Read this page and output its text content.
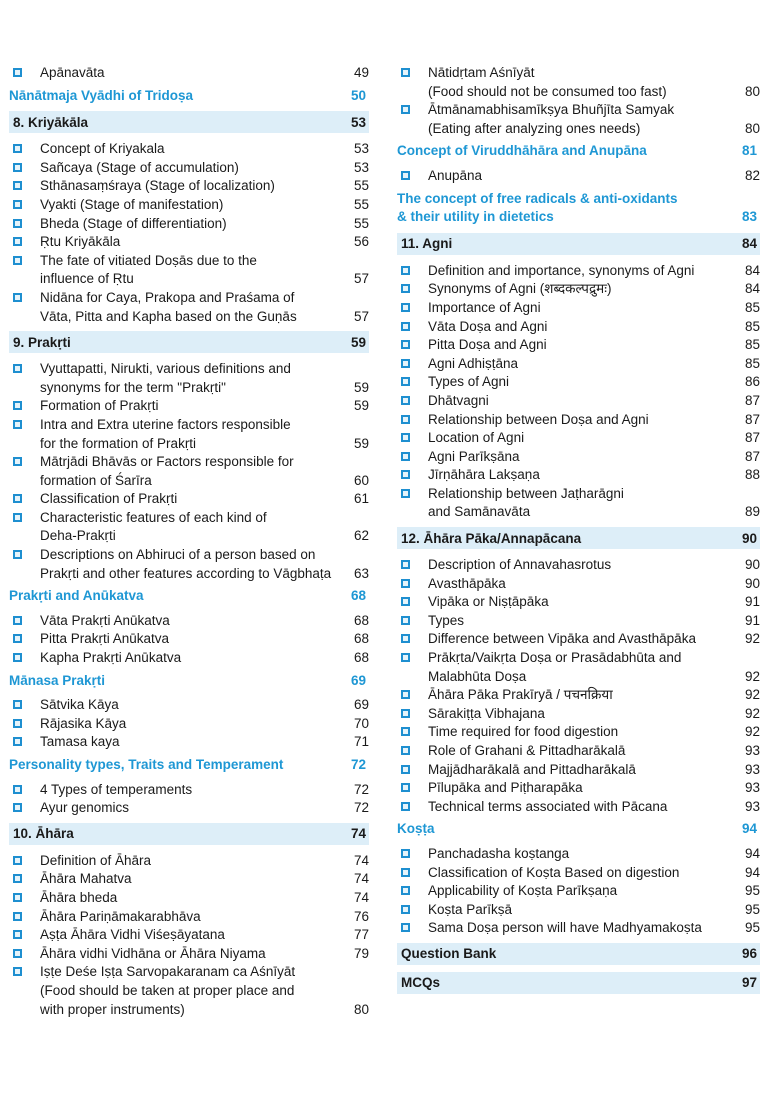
Apānavāta	49
Nānātmaja Vyādhi of Tridoṣa	50
8. Kriyākāla	53
Concept of Kriyakala	53
Sañcaya (Stage of accumulation)	53
Sthānasaṃśraya (Stage of localization)	55
Vyakti (Stage of manifestation)	55
Bheda (Stage of differentiation)	55
Ṛtu Kriyākāla	56
The fate of vitiated Doṣās due to the
influence of Ṛtu	57
Nidāna for Caya, Prakopa and Praśama of
Vāta, Pitta and Kapha based on the Guṇās	57
9. Prakṛti	59
Vyuttapatti, Nirukti, various definitions and
synonyms for the term "Prakṛti"	59
Formation of Prakṛti	59
Intra and Extra uterine factors responsible
for the formation of Prakṛti	59
Mātrjādi Bhāvās or Factors responsible for
formation of Śarīra	60
Classification of Prakṛti	61
Characteristic features of each kind of
Deha-Prakṛti	62
Descriptions on Abhiruci of a person based on
Prakṛti and other features according to Vāgbhaṭa	63
Prakṛti and Anūkatva	68
Vāta Prakṛti Anūkatva	68
Pitta Prakṛti Anūkatva	68
Kapha Prakṛti Anūkatva	68
Mānasa Prakṛti	69
Sātvika Kāya	69
Rājasika Kāya	70
Tamasa kaya	71
Personality types, Traits and Temperament	72
4 Types of temperaments	72
Ayur genomics	72
10. Āhāra	74
Definition of Āhāra	74
Āhāra Mahatva	74
Āhāra bheda	74
Āhāra Pariṇāmakarabhāva	76
Aṣṭa Āhāra Vidhi Viśeṣāyatana	77
Āhāra vidhi Vidhāna or Āhāra Niyama	79
Iṣṭe Deśe Iṣṭa Sarvopakaranam ca Aśnīyāt
(Food should be taken at proper place and
with proper instruments)	80
Nātidṛtam Aśnīyāt
(Food should not be consumed too fast)	80
Ātmānamabhisamīkṣya Bhuñjīta Samyak
(Eating after analyzing ones needs)	80
Concept of Viruddhāhāra and Anupāna	81
Anupāna	82
The concept of free radicals & anti-oxidants
& their utility in dietetics	83
11. Agni	84
Definition and importance, synonyms of Agni	84
Synonyms of Agni (शब्दकल्पद्रुमः)	84
Importance of Agni	85
Vāta Doṣa and Agni	85
Pitta Doṣa and Agni	85
Agni Adhiṣṭāna	85
Types of Agni	86
Dhātvagni	87
Relationship between Doṣa and Agni	87
Location of Agni	87
Agni Parīkṣāna	87
Jīrṇāhāra Lakṣaṇa	88
Relationship between Jaṭharāgni
and Samānavāta	89
12. Āhāra Pāka/Annapācana	90
Description of Annavahasrotus	90
Avasthāpāka	90
Vipāka or Niṣṭāpāka	91
Types	91
Difference between Vipāka and Avasthāpāka	92
Prākṛta/Vaikṛta Doṣa or Prasādabhūta and
Malabhūta Doṣa	92
Āhāra Pāka Prakīryā / पचनक्रिया	92
Sārakiṭṭa Vibhajana	92
Time required for food digestion	92
Role of Grahani & Pittadharākalā	93
Majjādharākalā and Pittadharākalā	93
Pīlupāka and Piṭharapāka	93
Technical terms associated with Pācana	93
Koṣṭa	94
Panchadasha koṣtanga	94
Classification of Koṣta Based on digestion	94
Applicability of Koṣta Parīkṣaṇa	95
Koṣta Parīkṣā	95
Sama Doṣa person will have Madhyamakoṣta	95
Question Bank	96
MCQs	97
